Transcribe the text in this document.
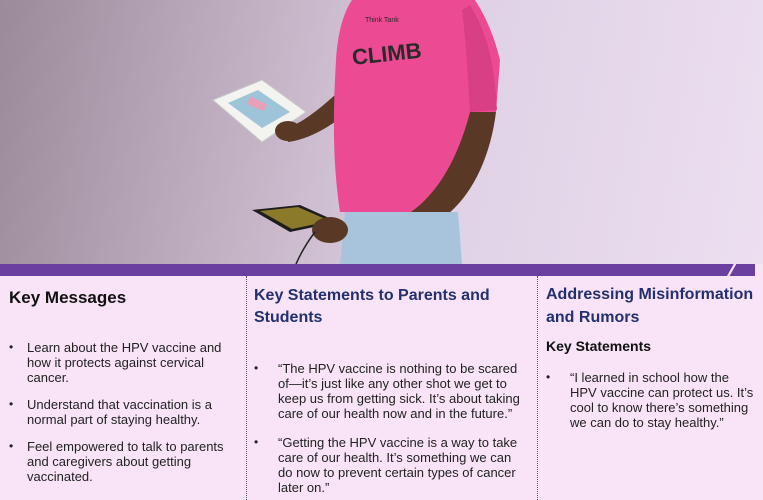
Think Tank
CLIMB
Key Messages
• Learn about the HPV vaccine and how it protects against cervical cancer.
• Understand that vaccination is a normal part of staying healthy.
• Feel empowered to talk to parents and caregivers about getting vaccinated.
Key Statements to Parents and Students
• “The HPV vaccine is nothing to be scared of—it’s just like any other shot we get to keep us from getting sick. It’s about taking care of our health now and in the future.”
• “Getting the HPV vaccine is a way to take care of our health. It’s something we can do now to prevent certain types of cancer later on.”
Addressing Misinformation and Rumors
Key Statements
• “I learned in school how the HPV vaccine can protect us. It’s cool to know there’s something we can do to stay healthy.”
